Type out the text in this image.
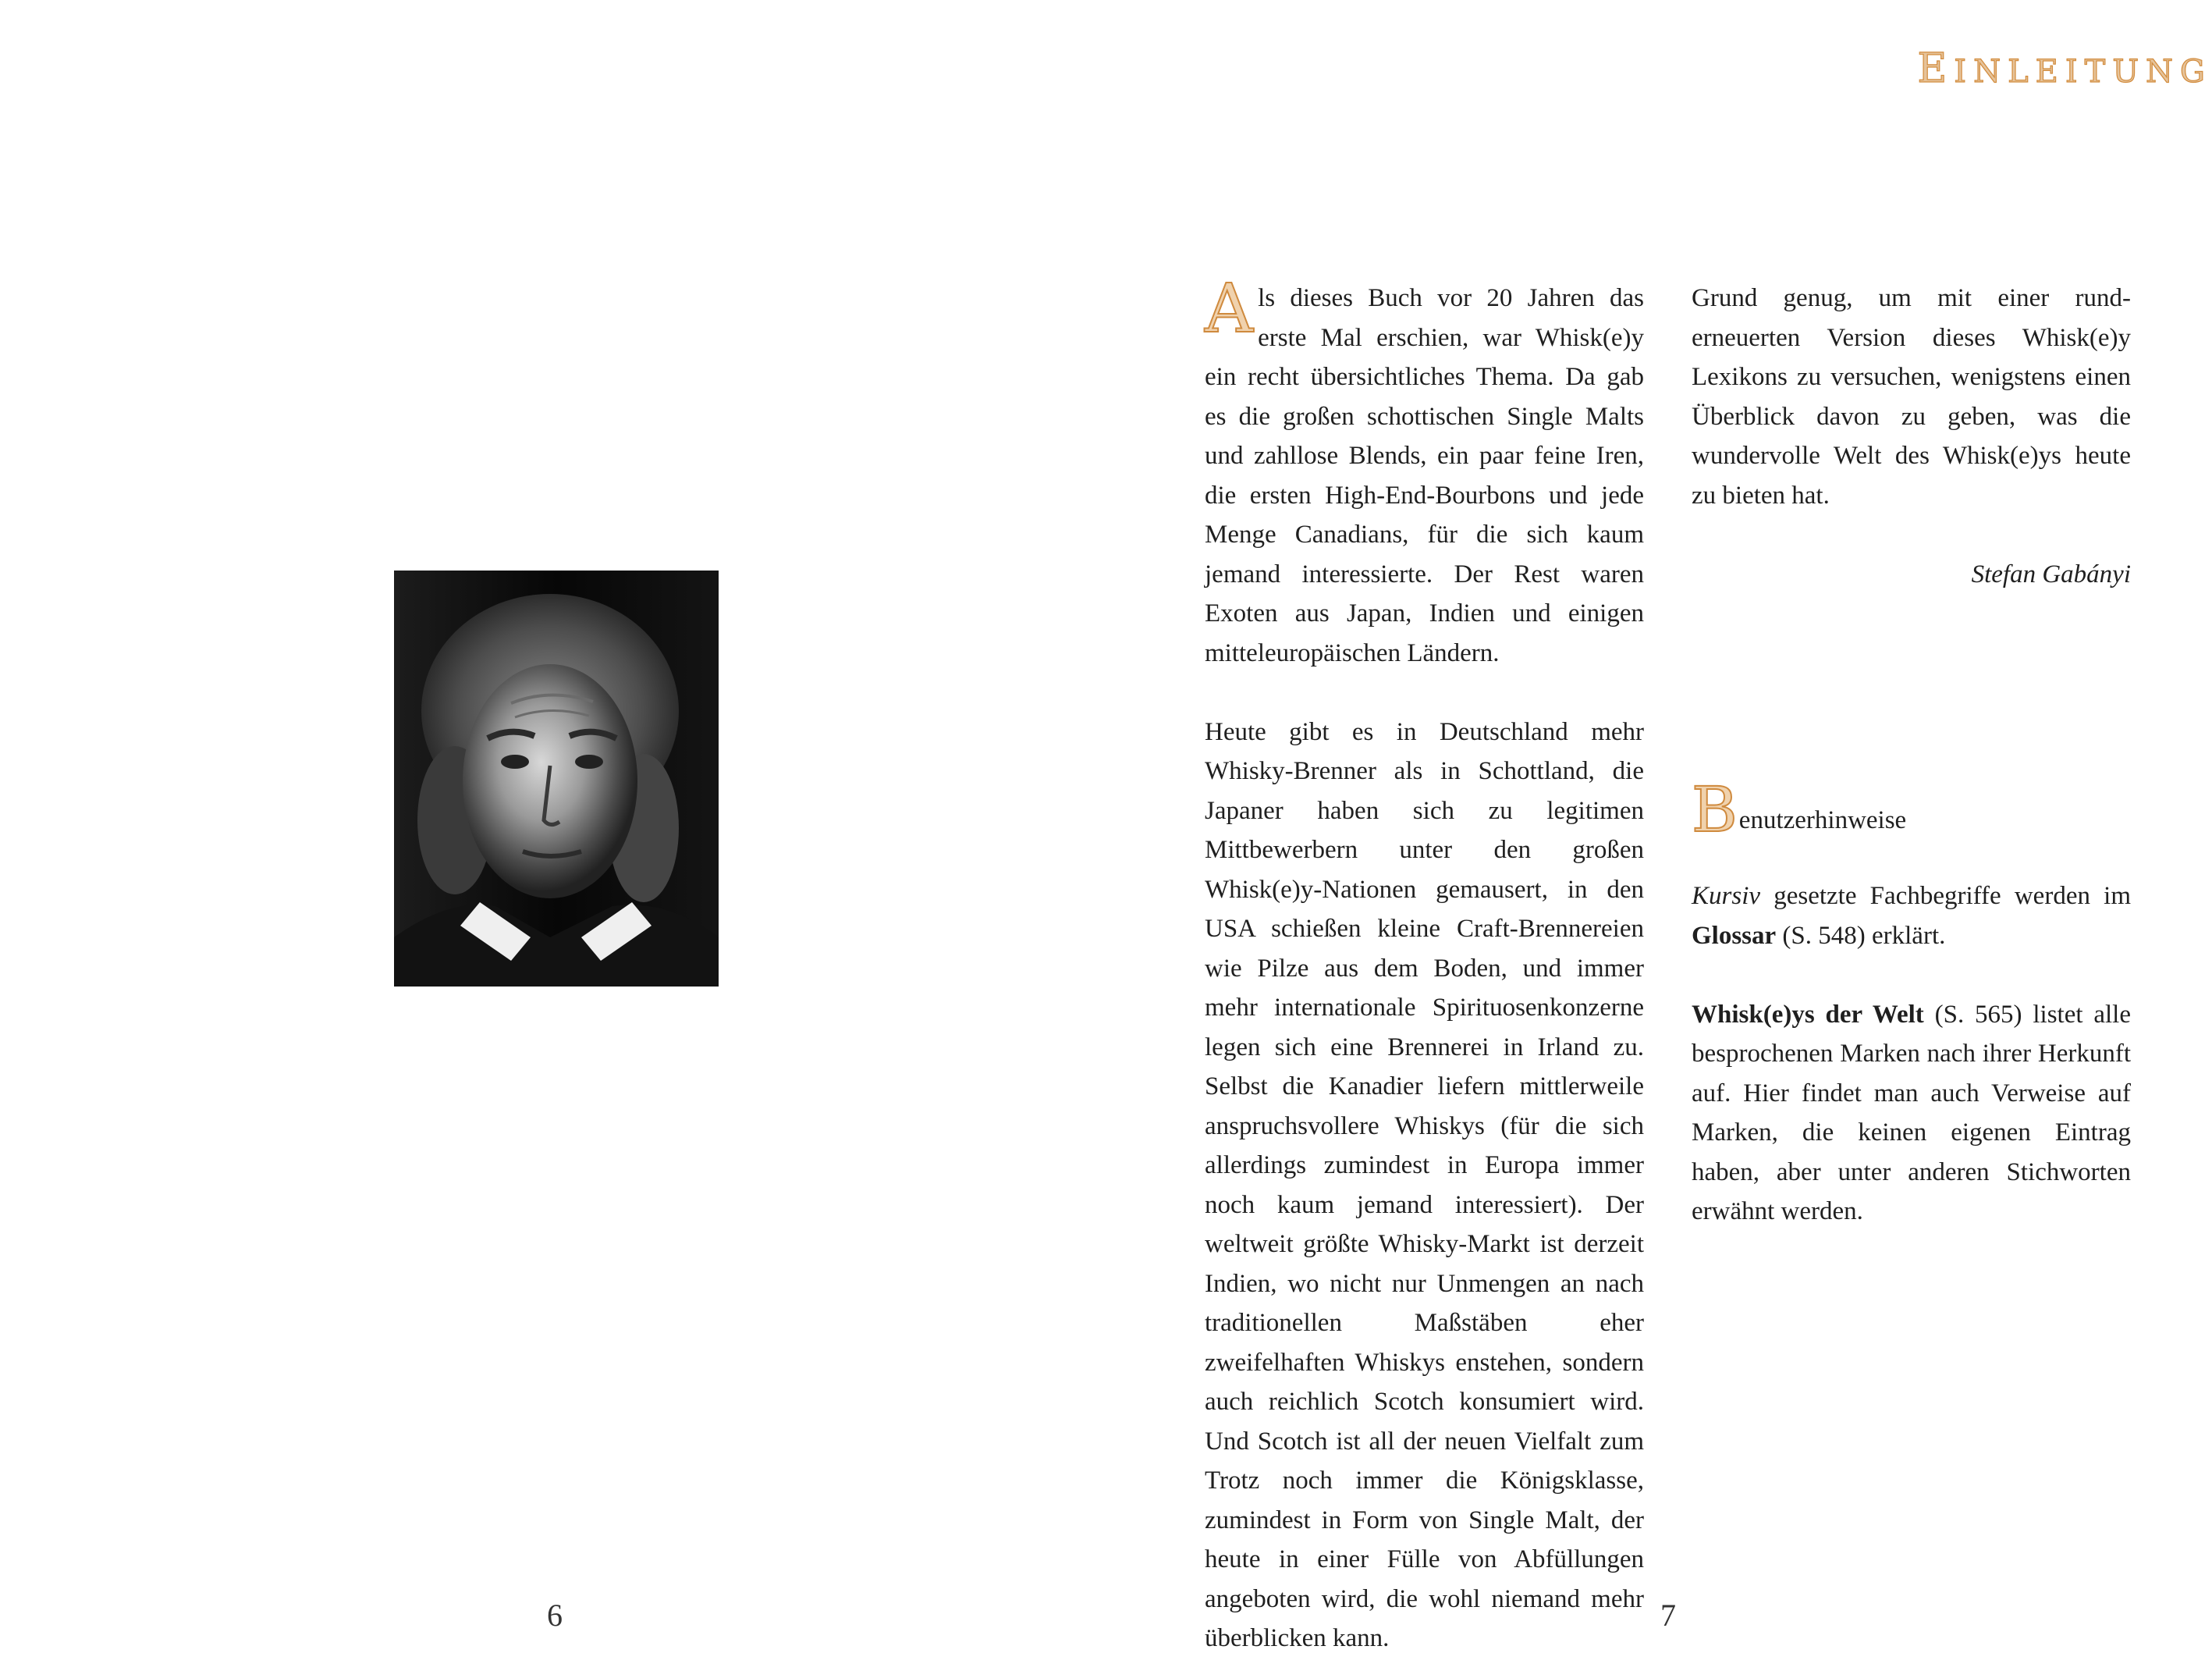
EINLEITUNG
6

Als dieses Buch vor 20 Jahren das erste Mal erschien, war Whisk(e)y ein recht übersichtliches Thema. Da gab es die großen schottischen Single Malts und zahllose Blends, ein paar feine Iren, die ersten High-End-Bourbons und jede Menge Canadians, für die sich kaum jemand interessierte. Der Rest waren Exoten aus Japan, Indien und einigen mitteleuropäischen Ländern.

Heute gibt es in Deutschland mehr Whisky-Brenner als in Schottland, die Japaner haben sich zu legitimen Mittbewerbern unter den großen Whisk(e)y-Nationen gemausert, in den USA schießen kleine Craft-Brennereien wie Pilze aus dem Boden, und immer mehr internationale Spirituosenkonzerne legen sich eine Brennerei in Irland zu. Selbst die Kanadier liefern mittlerweile anspruchsvollere Whiskys (für die sich allerdings zumindest in Europa immer noch kaum jemand interessiert). Der weltweit größte Whisky-Markt ist derzeit Indien, wo nicht nur Unmengen an nach traditionellen Maßstäben eher zweifelhaften Whiskys enstehen, sondern auch reichlich Scotch konsumiert wird. Und Scotch ist all der neuen Vielfalt zum Trotz noch immer die Königsklasse, zumindest in Form von Single Malt, der heute in einer Fülle von Abfüllungen angeboten wird, die wohl niemand mehr überblicken kann.

Grund genug, um mit einer runderneuerten Version dieses Whisk(e)y Lexikons zu versuchen, wenigstens einen Überblick davon zu geben, was die wundervolle Welt des Whisk(e)ys heute zu bieten hat.

Stefan Gabányi

B enutzerhinweise

Kursiv gesetzte Fachbegriffe werden im Glossar (S. 548) erklärt.

Whisk(e)ys der Welt (S. 565) listet alle besprochenen Marken nach ihrer Herkunft auf. Hier findet man auch Verweise auf Marken, die keinen eigenen Eintrag haben, aber unter anderen Stichworten erwähnt werden.

7
